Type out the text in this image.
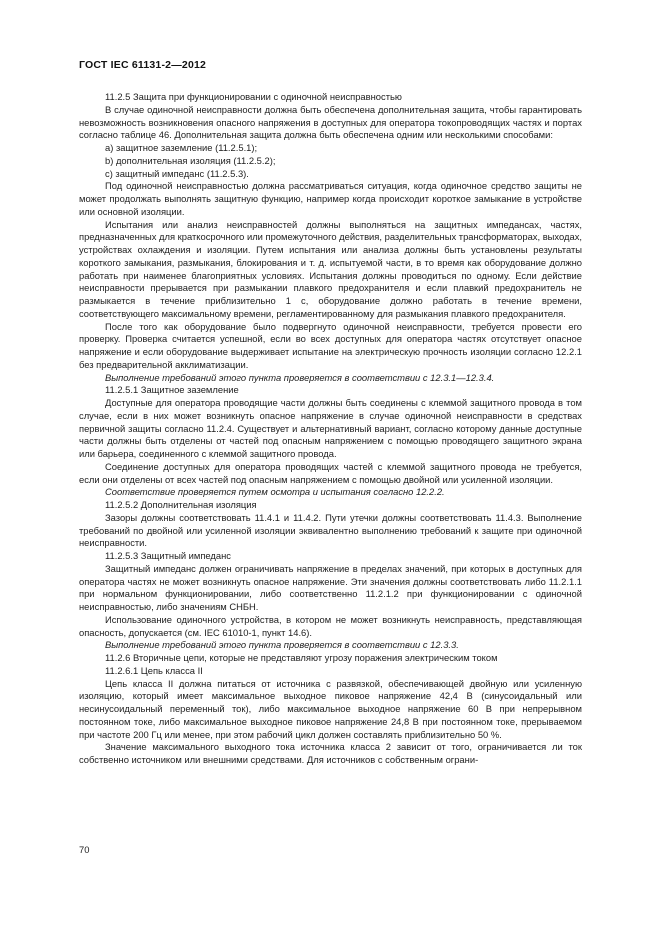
ГОСТ IEC 61131-2—2012

11.2.5 Защита при функционировании с одиночной неисправностью

В случае одиночной неисправности должна быть обеспечена дополнительная защита, чтобы гарантировать невозможность возникновения опасного напряжения в доступных для оператора токопроводящих частях и портах согласно таблице 46. Дополнительная защита должна быть обеспечена одним или несколькими способами:

a) защитное заземление (11.2.5.1);

b) дополнительная изоляция (11.2.5.2);

c) защитный импеданс (11.2.5.3).

Под одиночной неисправностью должна рассматриваться ситуация, когда одиночное средство защиты не может продолжать выполнять защитную функцию, например когда происходит короткое замыкание в устройстве или основной изоляции.

Испытания или анализ неисправностей должны выполняться на защитных импедансах, частях, предназначенных для краткосрочного или промежуточного действия, разделительных трансформаторах, выходах, устройствах охлаждения и изоляции. Путем испытания или анализа должны быть установлены результаты короткого замыкания, размыкания, блокирования и т. д. испытуемой части, в то время как оборудование должно работать при наименее благоприятных условиях. Испытания должны проводиться по одному. Если действие неисправности прерывается при размыкании плавкого предохранителя и если плавкий предохранитель не размыкается в течение приблизительно 1 с, оборудование должно работать в течение времени, соответствующего максимальному времени, регламентированному для размыкания плавкого предохранителя.

После того как оборудование было подвергнуто одиночной неисправности, требуется провести его проверку. Проверка считается успешной, если во всех доступных для оператора частях отсутствует опасное напряжение и если оборудование выдерживает испытание на электрическую прочность изоляции согласно 12.2.1 без предварительной акклиматизации.

Выполнение требований этого пункта проверяется в соответствии с 12.3.1—12.3.4.

11.2.5.1 Защитное заземление

Доступные для оператора проводящие части должны быть соединены с клеммой защитного провода в том случае, если в них может возникнуть опасное напряжение в случае одиночной неисправности в средствах первичной защиты согласно 11.2.4. Существует и альтернативный вариант, согласно которому данные доступные части должны быть отделены от частей под опасным напряжением с помощью проводящего защитного экрана или барьера, соединенного с клеммой защитного провода.

Соединение доступных для оператора проводящих частей с клеммой защитного провода не требуется, если они отделены от всех частей под опасным напряжением с помощью двойной или усиленной изоляции.

Соответствие проверяется путем осмотра и испытания согласно 12.2.2.

11.2.5.2 Дополнительная изоляция

Зазоры должны соответствовать 11.4.1 и 11.4.2. Пути утечки должны соответствовать 11.4.3. Выполнение требований по двойной или усиленной изоляции эквивалентно выполнению требований к защите при одиночной неисправности.

11.2.5.3 Защитный импеданс

Защитный импеданс должен ограничивать напряжение в пределах значений, при которых в доступных для оператора частях не может возникнуть опасное напряжение. Эти значения должны соответствовать либо 11.2.1.1 при нормальном функционировании, либо соответственно 11.2.1.2 при функционировании с одиночной неисправностью, либо значениям СНБН.

Использование одиночного устройства, в котором не может возникнуть неисправность, представляющая опасность, допускается (см. IEC 61010-1, пункт 14.6).

Выполнение требований этого пункта проверяется в соответствии с 12.3.3.

11.2.6 Вторичные цепи, которые не представляют угрозу поражения электрическим током

11.2.6.1 Цепь класса II

Цепь класса II должна питаться от источника с развязкой, обеспечивающей двойную или усиленную изоляцию, который имеет максимальное выходное пиковое напряжение 42,4 В (синусоидальный или несинусоидальный переменный ток), либо максимальное выходное напряжение 60 В при непрерывном постоянном токе, либо максимальное выходное пиковое напряжение 24,8 В при постоянном токе, прерываемом при частоте 200 Гц или менее, при этом рабочий цикл должен составлять приблизительно 50 %.

Значение максимального выходного тока источника класса 2 зависит от того, ограничивается ли ток собственно источником или внешними средствами. Для источников с собственным ограни-

70
